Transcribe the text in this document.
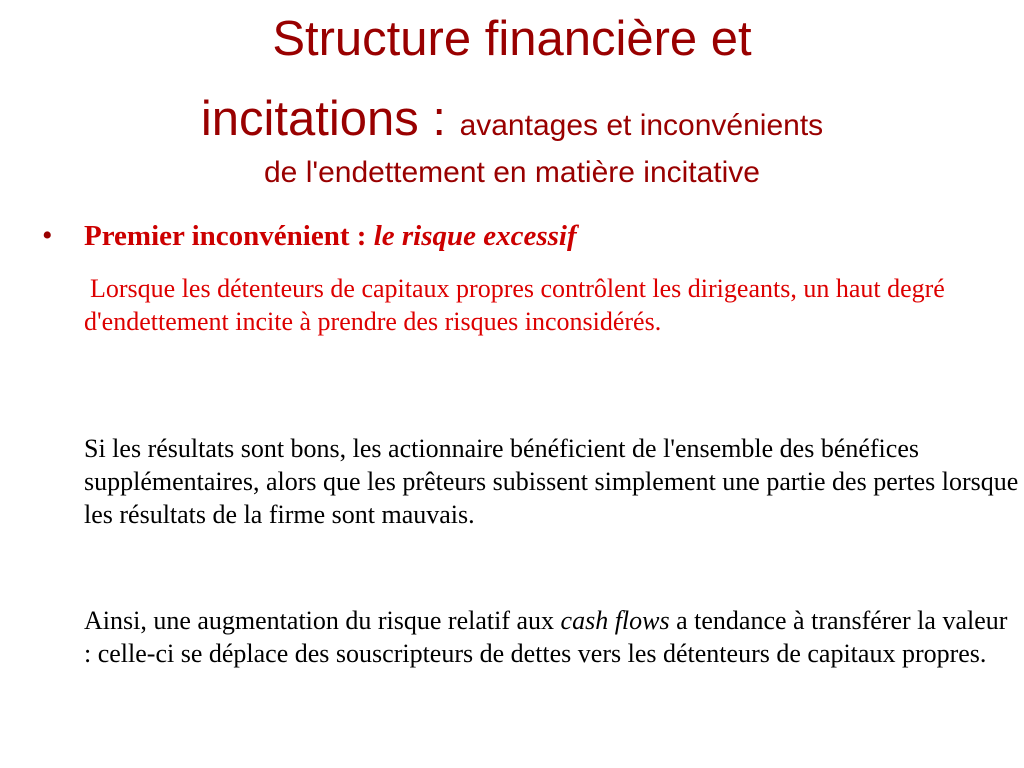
Structure financière et
incitations : avantages et inconvénients
de l'endettement en matière incitative
• Premier inconvénient : le risque excessif

Lorsque les détenteurs de capitaux propres contrôlent les dirigeants, un haut degré d'endettement incite à prendre des risques inconsidérés.

Si les résultats sont bons, les actionnaire bénéficient de l'ensemble des bénéfices supplémentaires, alors que les prêteurs subissent simplement une partie des pertes lorsque les résultats de la firme sont mauvais.

Ainsi, une augmentation du risque relatif aux cash flows a tendance à transférer la valeur : celle-ci se déplace des souscripteurs de dettes vers les détenteurs de capitaux propres.
